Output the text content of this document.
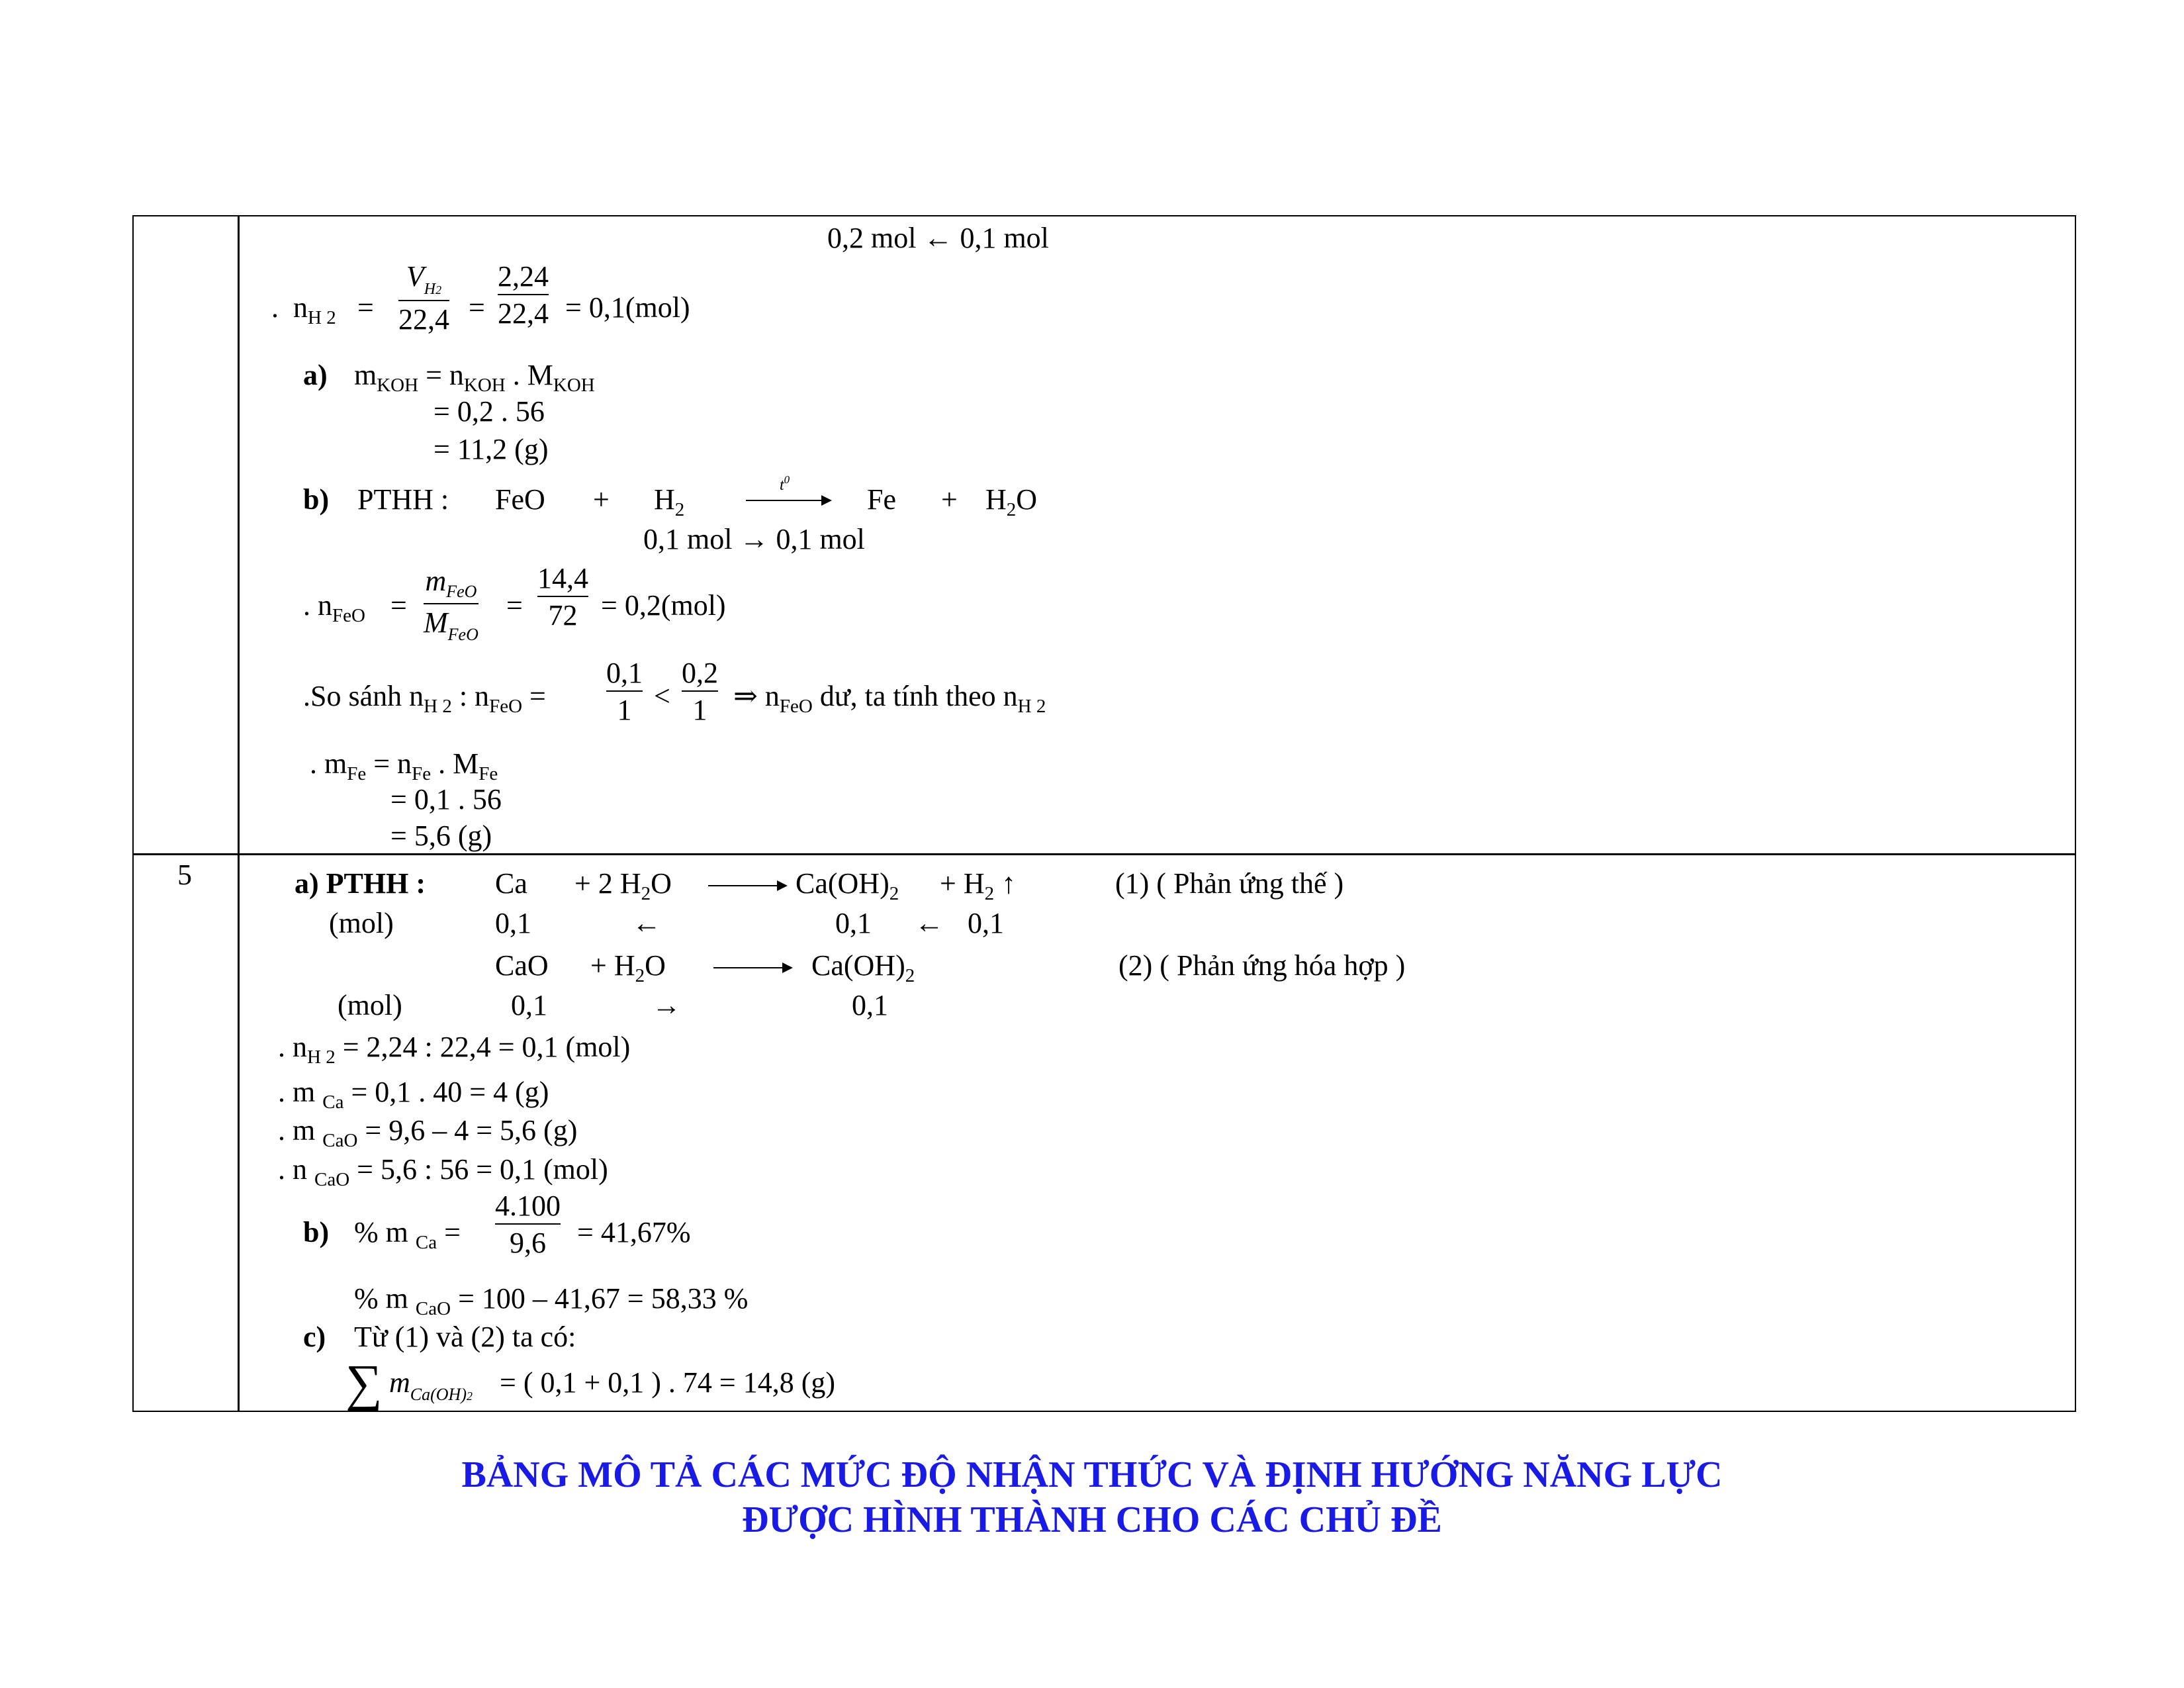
0,2 mol ← 0,1 mol
.  $n_{H 2}$ =
$V_{H2}$
22,4 =
2,24
22,4 = 0,1(mol)
a) $m_{KOH} = n_{KOH}$ . $M_{KOH}$
= 0,2 . 56
= 11,2 (g)
b) PTHH : FeO + $H_2$
$t^0$
→ $Fe + H_2O$
0,1 mol → 0,1 mol
. $n_{FeO}$ =
$m_{FeO}$
$M_{FeO}$
=
14,4
72 = 0,2(mol)
.So sánh $n_{H 2}$ : $n_{FeO}$ =
0,1
1 <
0,2
1 ⇒ $n_{FeO}$ dư, ta tính theo $n_{H 2}$
. $m_{Fe} = n_{Fe}$ . $M_{Fe}$
= 0,1 . 56
= 5,6 (g)
5	a) PTHH : Ca + 2 $H_2O \to Ca(OH)_2 + H_2$ ↑	(1) ( Phản ứng thế )
(mol)	0,1	←	0,1 ← 0,1
CaO + $H_2O \to Ca(OH)_2$	(2) ( Phản ứng hóa hợp )
(mol)	0,1	→	0,1
. $n_{H 2} = 2,24$ : 22,4 = 0,1 (mol)
. m $_{Ca}$ = 0,1 . 40 = 4 (g)
. m $_{CaO}$ = 9,6 – 4 = 5,6 (g)
. n $_{CaO}$ = 5,6 : 56 = 0,1 (mol)
b) % m $_{Ca}$ =
4.100
9,6 = 41,67%
% m $_{CaO}$ = 100 – 41,67 = 58,33 %
c) Từ (1) và (2) ta có:
∑ $m_{Ca(OH)2}$ = ( 0,1 + 0,1 ) . 74 = 14,8 (g)
BẢNG MÔ TẢ CÁC MỨC ĐỘ NHẬN THỨC VÀ ĐỊNH HƯỚNG NĂNG LỰC
ĐƯỢC HÌNH THÀNH CHO CÁC CHỦ ĐỀ
